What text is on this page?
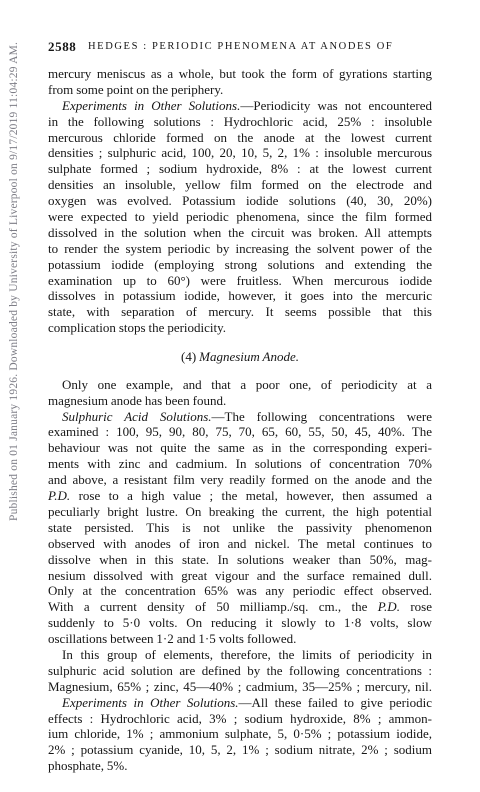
Published on 01 January 1926. Downloaded by University of Liverpool on 9/17/2019 11:04:29 AM. 2588 HEDGES : PERIODIC PHENOMENA AT ANODES OF
mercury meniscus as a whole, but took the form of gyrations starting
from some point on the periphery.
Experiments in Other Solutions.—Periodicity was not encountered
in the following solutions : Hydrochloric acid, 25% : insoluble
mercurous chloride formed on the anode at the lowest current
densities ; sulphuric acid, 100, 20, 10, 5, 2, 1% : insoluble mercurous
sulphate formed ; sodium hydroxide, 8% : at the lowest current
densities an insoluble, yellow film formed on the electrode and
oxygen was evolved. Potassium iodide solutions (40, 30, 20%)
were expected to yield periodic phenomena, since the film formed
dissolved in the solution when the circuit was broken. All attempts
to render the system periodic by increasing the solvent power of the
potassium iodide (employing strong solutions and extending the
examination up to 60°) were fruitless. When mercurous iodide
dissolves in potassium iodide, however, it goes into the mercuric
state, with separation of mercury. It seems possible that this
complication stops the periodicity.
(4) Magnesium Anode.
Only one example, and that a poor one, of periodicity at a
magnesium anode has been found.
Sulphuric Acid Solutions.—The following concentrations were
examined : 100, 95, 90, 80, 75, 70, 65, 60, 55, 50, 45, 40%. The
behaviour was not quite the same as in the corresponding experi-
ments with zinc and cadmium. In solutions of concentration 70%
and above, a resistant film very readily formed on the anode and the
P.D. rose to a high value ; the metal, however, then assumed a
peculiarly bright lustre. On breaking the current, the high potential
state persisted. This is not unlike the passivity phenomenon
observed with anodes of iron and nickel. The metal continues to
dissolve when in this state. In solutions weaker than 50%, mag-
nesium dissolved with great vigour and the surface remained dull.
Only at the concentration 65% was any periodic effect observed.
With a current density of 50 milliamp./sq. cm., the P.D. rose
suddenly to 5·0 volts. On reducing it slowly to 1·8 volts, slow
oscillations between 1·2 and 1·5 volts followed.
In this group of elements, therefore, the limits of periodicity in
sulphuric acid solution are defined by the following concentrations :
Magnesium, 65% ; zinc, 45—40% ; cadmium, 35—25% ; mercury, nil.
Experiments in Other Solutions.—All these failed to give periodic
effects : Hydrochloric acid, 3% ; sodium hydroxide, 8% ; ammon-
ium chloride, 1% ; ammonium sulphate, 5, 0·5% ; potassium iodide,
2% ; potassium cyanide, 10, 5, 2, 1% ; sodium nitrate, 2% ; sodium
phosphate, 5%.
